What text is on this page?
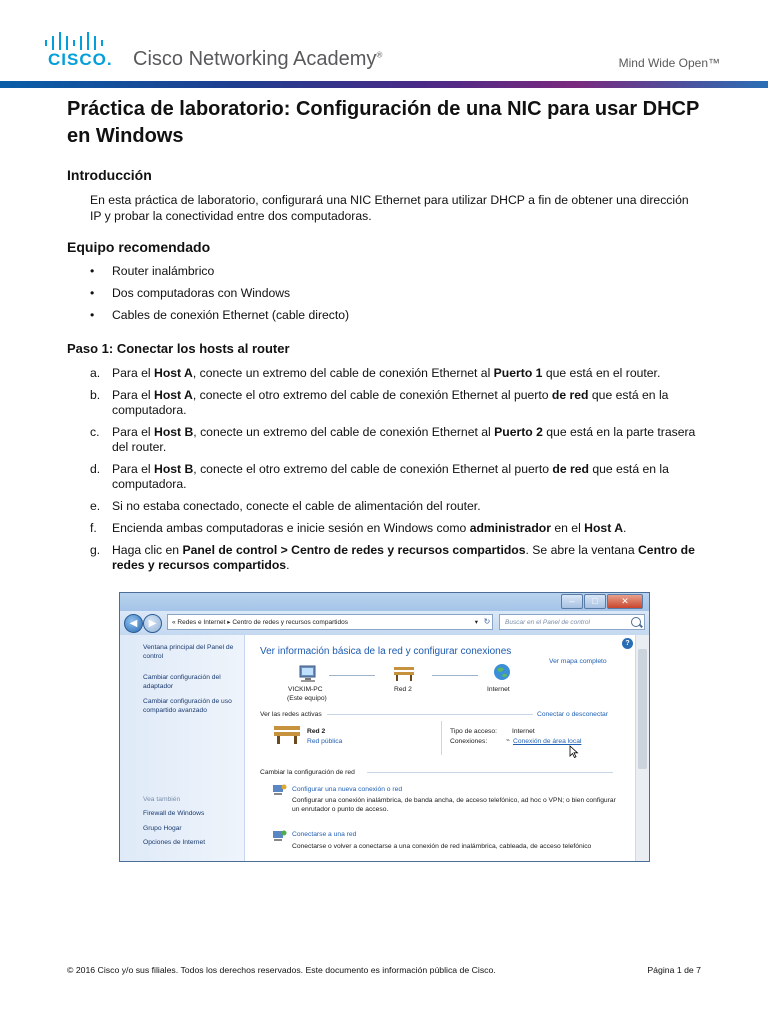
CISCO. Cisco Networking Academy®
Mind Wide Open™
Práctica de laboratorio: Configuración de una NIC para usar DHCP en Windows
Introducción
En esta práctica de laboratorio, configurará una NIC Ethernet para utilizar DHCP a fin de obtener una dirección IP y probar la conectividad entre dos computadoras.
Equipo recomendado
• Router inalámbrico
• Dos computadoras con Windows
• Cables de conexión Ethernet (cable directo)
Paso 1: Conectar los hosts al router
a. Para el Host A, conecte un extremo del cable de conexión Ethernet al Puerto 1 que está en el router.
b. Para el Host A, conecte el otro extremo del cable de conexión Ethernet al puerto de red que está en la computadora.
c. Para el Host B, conecte un extremo del cable de conexión Ethernet al Puerto 2 que está en la parte trasera del router.
d. Para el Host B, conecte el otro extremo del cable de conexión Ethernet al puerto de red que está en la computadora.
e. Si no estaba conectado, conecte el cable de alimentación del router.
f. Encienda ambas computadoras e inicie sesión en Windows como administrador en el Host A.
g. Haga clic en Panel de control > Centro de redes y recursos compartidos. Se abre la ventana Centro de redes y recursos compartidos.
–	□	✕
◀	▶	« Redes e Internet ▸ Centro de redes y recursos compartidos	▾ ↻	Buscar en el Panel de control
Ventana principal del Panel de control
Cambiar configuración del adaptador
Cambiar configuración de uso compartido avanzado
Vea también
Firewall de Windows
Grupo Hogar
Opciones de Internet
Ver información básica de la red y configurar conexiones
Ver mapa completo
VICKIM-PC
(Este equipo)
Red 2	Internet
Ver las redes activas	Conectar o desconectar
Red 2
Red pública
Tipo de acceso: Internet
Conexiones:	⌁ Conexión de área local
Cambiar la configuración de red
Configurar una nueva conexión o red
Configurar una conexión inalámbrica, de banda ancha, de acceso telefónico, ad hoc o VPN; o bien configurar un enrutador o punto de acceso.
Conectarse a una red
Conectarse o volver a conectarse a una conexión de red inalámbrica, cableada, de acceso telefónico
?
© 2016 Cisco y/o sus filiales. Todos los derechos reservados. Este documento es información pública de Cisco.	Página 1 de 7
